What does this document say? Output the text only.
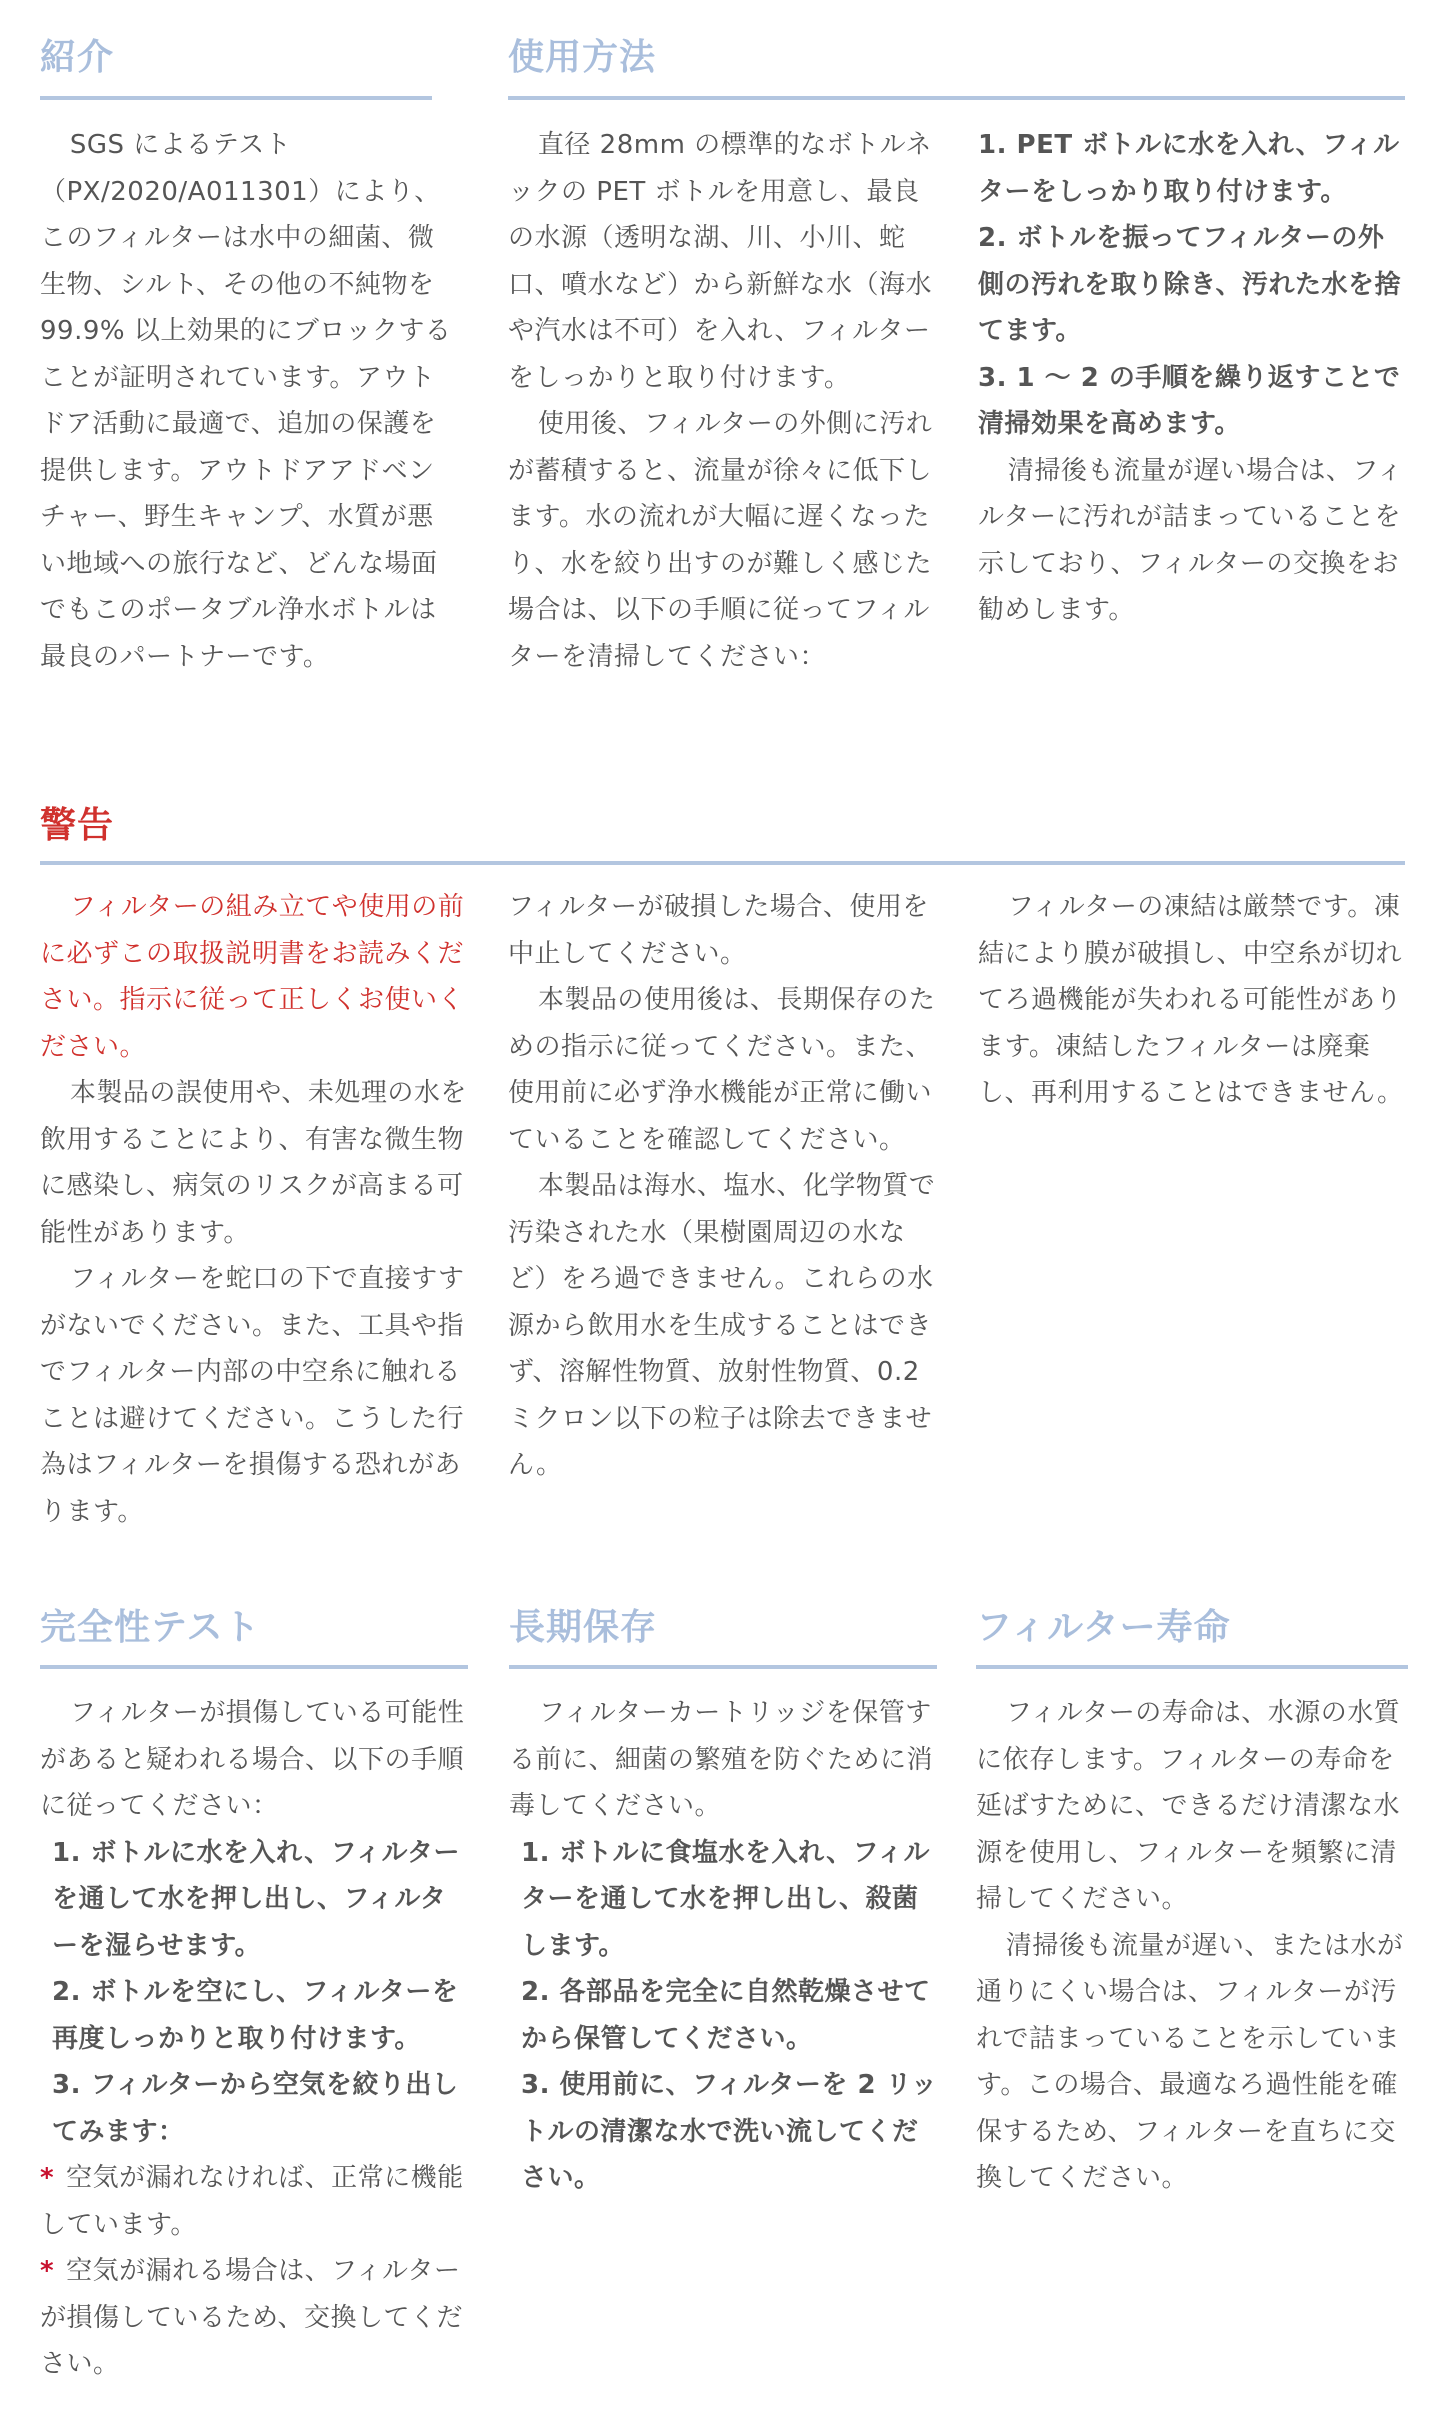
紹介

SGS によるテスト（PX/2020/A011301）により、このフィルターは水中の細菌、微生物、シルト、その他の不純物を 99.9% 以上効果的にブロックすることが証明されています。アウトドア活動に最適で、追加の保護を提供します。アウトドアアドベンチャー、野生キャンプ、水質が悪い地域への旅行など、どんな場面でもこのポータブル浄水ボトルは最良のパートナーです。

使用方法

直径 28mm の標準的なボトルネックの PET ボトルを用意し、最良の水源（透明な湖、川、小川、蛇口、噴水など）から新鮮な水（海水や汽水は不可）を入れ、フィルターをしっかりと取り付けます。

使用後、フィルターの外側に汚れが蓄積すると、流量が徐々に低下します。水の流れが大幅に遅くなったり、水を絞り出すのが難しく感じた場合は、以下の手順に従ってフィルターを清掃してください：

1. PET ボトルに水を入れ、フィルターをしっかり取り付けます。

2. ボトルを振ってフィルターの外側の汚れを取り除き、汚れた水を捨てます。

3. 1 ～ 2 の手順を繰り返すことで清掃効果を高めます。

清掃後も流量が遅い場合は、フィルターに汚れが詰まっていることを示しており、フィルターの交換をお勧めします。

警告

フィルターの組み立てや使用の前に必ずこの取扱説明書をお読みください。指示に従って正しくお使いください。

本製品の誤使用や、未処理の水を飲用することにより、有害な微生物に感染し、病気のリスクが高まる可能性があります。

フィルターを蛇口の下で直接すすがないでください。また、工具や指でフィルター内部の中空糸に触れることは避けてください。こうした行為はフィルターを損傷する恐れがあります。

フィルターが破損した場合、使用を中止してください。

本製品の使用後は、長期保存のための指示に従ってください。また、使用前に必ず浄水機能が正常に働いていることを確認してください。

本製品は海水、塩水、化学物質で汚染された水（果樹園周辺の水など）をろ過できません。これらの水源から飲用水を生成することはできず、溶解性物質、放射性物質、0.2 ミクロン以下の粒子は除去できません。

フィルターの凍結は厳禁です。凍結により膜が破損し、中空糸が切れてろ過機能が失われる可能性があります。凍結したフィルターは廃棄し、再利用することはできません。

完全性テスト

フィルターが損傷している可能性があると疑われる場合、以下の手順に従ってください：

1. ボトルに水を入れ、フィルターを通して水を押し出し、フィルターを湿らせます。

2. ボトルを空にし、フィルターを再度しっかりと取り付けます。

3. フィルターから空気を絞り出してみます：

* 空気が漏れなければ、正常に機能しています。

* 空気が漏れる場合は、フィルターが損傷しているため、交換してください。

長期保存

フィルターカートリッジを保管する前に、細菌の繁殖を防ぐために消毒してください。

1. ボトルに食塩水を入れ、フィルターを通して水を押し出し、殺菌します。

2. 各部品を完全に自然乾燥させてから保管してください。

3. 使用前に、フィルターを 2 リットルの清潔な水で洗い流してください。

フィルター寿命

フィルターの寿命は、水源の水質に依存します。フィルターの寿命を延ばすために、できるだけ清潔な水源を使用し、フィルターを頻繁に清掃してください。

清掃後も流量が遅い、または水が通りにくい場合は、フィルターが汚れで詰まっていることを示しています。この場合、最適なろ過性能を確保するため、フィルターを直ちに交換してください。
